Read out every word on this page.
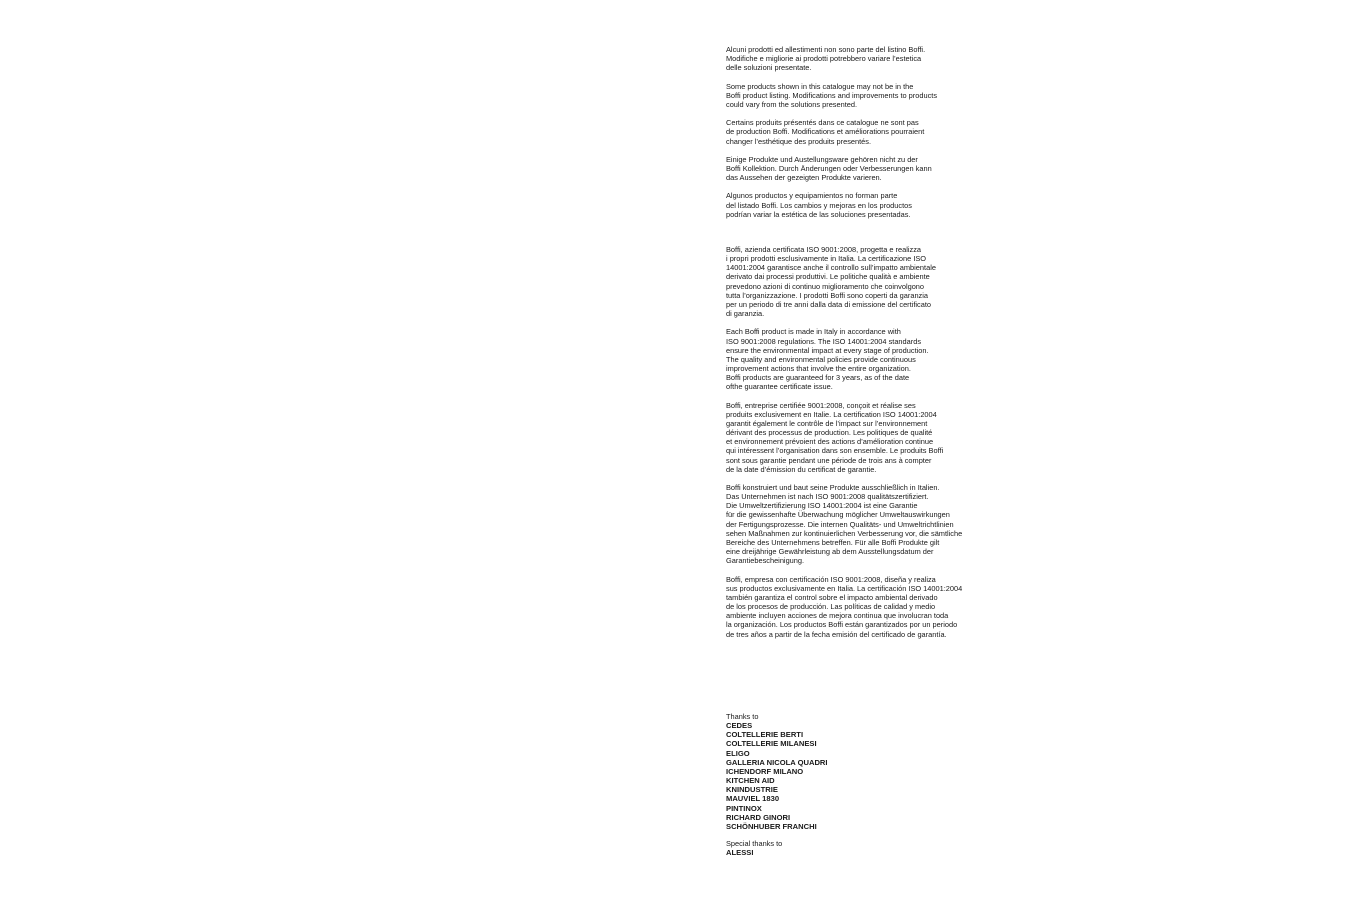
Alcuni prodotti ed allestimenti non sono parte del listino Boffi.
Modifiche e migliorie ai prodotti potrebbero variare l’estetica
delle soluzioni presentate.
Some products shown in this catalogue may not be in the
Boffi product listing. Modifications and improvements to products
could vary from the solutions presented.
Certains produits présentés dans ce catalogue ne sont pas
de production Boffi. Modifications et améliorations pourraient
changer l’esthétique des produits presentés.
Einige Produkte und Austellungsware gehören nicht zu der
Boffi Kollektion. Durch Änderungen oder Verbesserungen kann
das Aussehen der gezeigten Produkte varieren.
Algunos productos y equipamientos no forman parte
del listado Boffi. Los cambios y mejoras en los productos
podrían variar la estética de las soluciones presentadas.
Boffi, azienda certificata ISO 9001:2008, progetta e realizza
i propri prodotti esclusivamente in Italia. La certificazione ISO
14001:2004 garantisce anche il controllo sull’impatto ambientale
derivato dai processi produttivi. Le politiche qualità e ambiente
prevedono azioni di continuo miglioramento che coinvolgono
tutta l’organizzazione. I prodotti Boffi sono coperti da garanzia
per un periodo di tre anni dalla data di emissione del certificato
di garanzia.
Each Boffi product is made in Italy in accordance with
ISO 9001:2008 regulations. The ISO 14001:2004 standards
ensure the environmental impact at every stage of production.
The quality and environmental policies provide continuous
improvement actions that involve the entire organization.
Boffi products are guaranteed for 3 years, as of the date
ofthe guarantee certificate issue.
Boffi, entreprise certifiée 9001:2008, conçoit et réalise ses
produits exclusivement en Italie. La certification ISO 14001:2004
garantit également le contrôle de l’impact sur l’environnement
dérivant des processus de production. Les politiques de qualité
et environnement prévoient des actions d’amélioration continue
qui intéressent l’organisation dans son ensemble. Le produits Boffi
sont sous garantie pendant une période de trois ans à compter
de la date d’émission du certificat de garantie.
Boffi konstruiert und baut seine Produkte ausschließlich in Italien.
Das Unternehmen ist nach ISO 9001:2008 qualitätszertifiziert.
Die Umweltzertifizierung ISO 14001:2004 ist eine Garantie
für die gewissenhafte Überwachung möglicher Umweltauswirkungen
der Fertigungsprozesse. Die internen Qualitäts- und Umweltrichtlinien
sehen Maßnahmen zur kontinuierlichen Verbesserung vor, die sämtliche
Bereiche des Unternehmens betreffen. Für alle Boffi Produkte gilt
eine dreijährige Gewährleistung ab dem Ausstellungsdatum der
Garantiebescheinigung.
Boffi, empresa con certificación ISO 9001:2008, diseña y realiza
sus productos exclusivamente en Italia. La certificación ISO 14001:2004
también garantiza el control sobre el impacto ambiental derivado
de los procesos de producción. Las políticas de calidad y medio
ambiente incluyen acciones de mejora continua que involucran toda
la organización. Los productos Boffi están garantizados por un periodo
de tres años a partir de la fecha emisión del certificado de garantía.
Thanks to
CEDES
COLTELLERIE BERTI
COLTELLERIE MILANESI
ELIGO
GALLERIA NICOLA QUADRI
ICHENDORF MILANO
KITCHEN AID
KNINDUSTRIE
MAUVIEL 1830
PINTINOX
RICHARD GINORI
SCHÖNHUBER FRANCHI
Special thanks to
ALESSI
